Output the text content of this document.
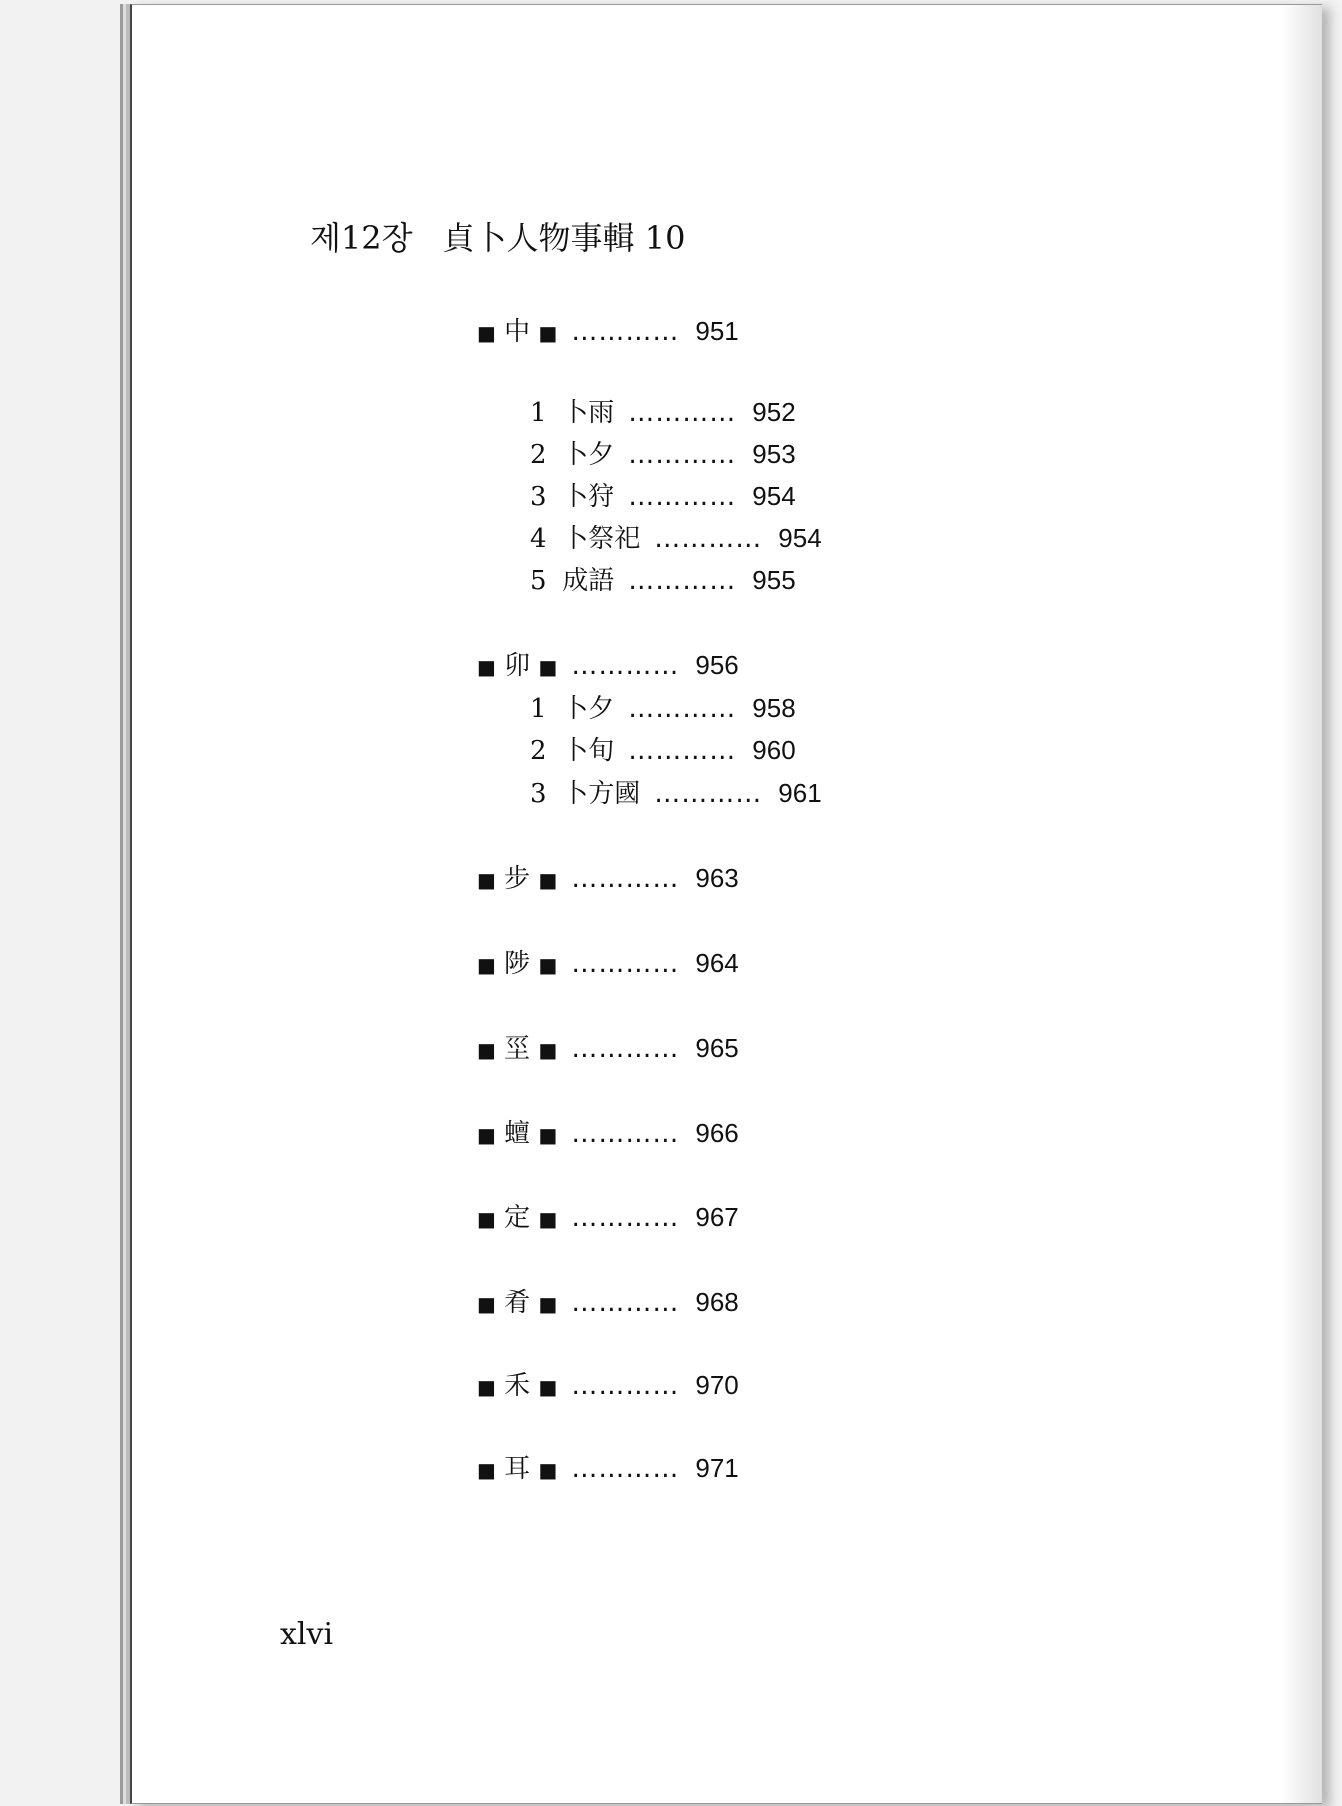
제12장 貞卜人物事輯 10
■ 中 ■ ………… 951
1 卜雨 ………… 952
2 卜夕 ………… 953
3 卜狩 ………… 954
4 卜祭祀 ………… 954
5 成語 ………… 955
■ 卯 ■ ………… 956
1 卜夕 ………… 958
2 卜旬 ………… 960
3 卜方國 ………… 961
■ 步 ■ ………… 963
■ 陟 ■ ………… 964
■ 坙 ■ ………… 965
■ 蟺 ■ ………… 966
■ 定 ■ ………… 967
■ 肴 ■ ………… 968
■ 禾 ■ ………… 970
■ 耳 ■ ………… 971
xlvi
